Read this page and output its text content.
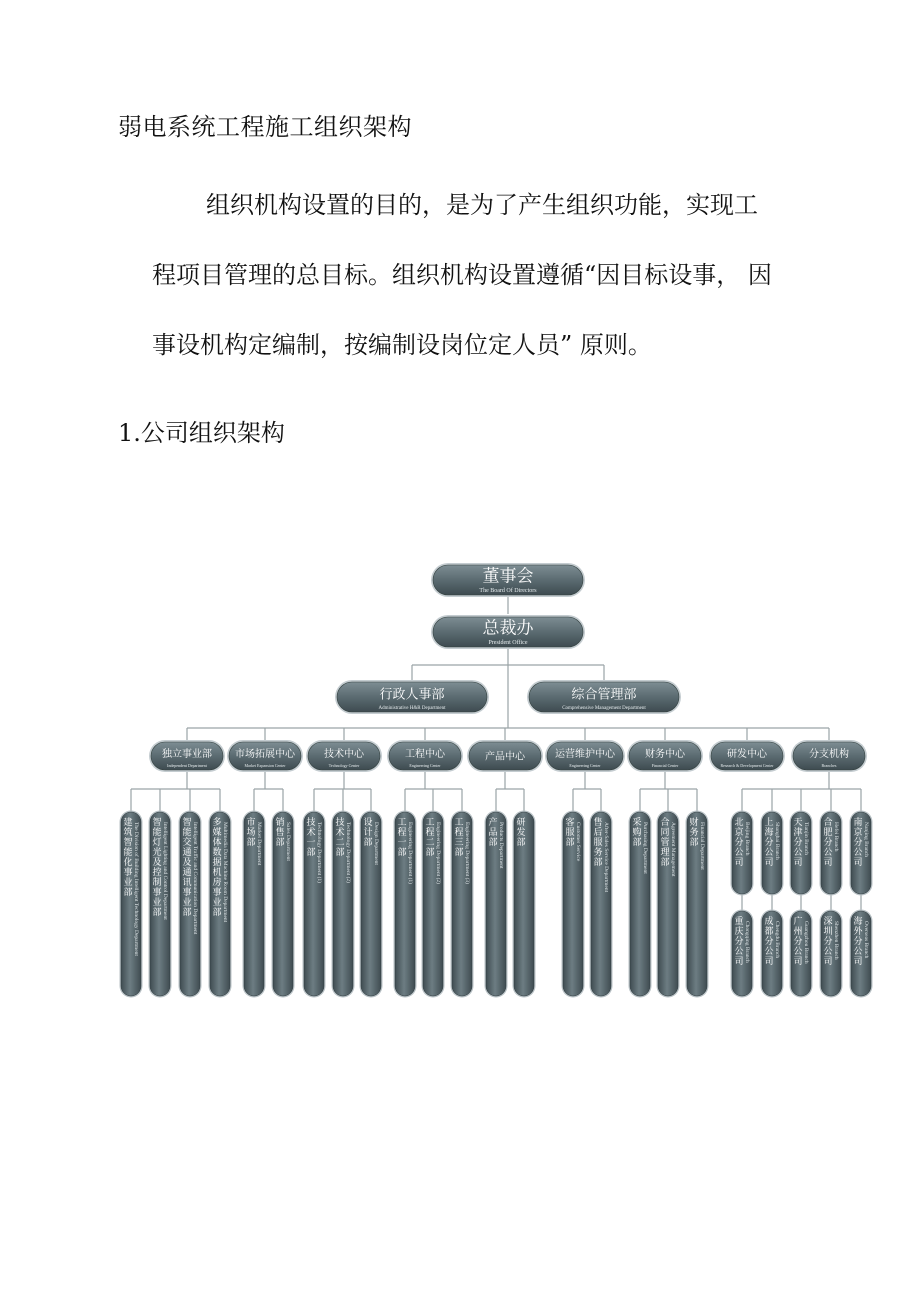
弱电系统工程施工组织架构

组织机构设置的目的，是为了产生组织功能，实现工

程项目管理的总目标。组织机构设置遵循“因目标设事， 因

事设机构定编制，按编制设岗位定人员” 原则。

1.公司组织架构
董事会
The Board Of Directors
总裁办
President Office
行政人事部
Administrative H&R Department
综合管理部
Comprehensive Management Department
独立事业部
Independent Department
市场拓展中心
Market Expansion Center
技术中心
Technology Center
工程中心
Engineering Center
产品中心	运营维护中心
Engineering Center
财务中心
Financial Center
研发中心
Research & Development Center
分支机构
Branches
建
筑
智
能
化
事
业
部 The Division of Building Intelligent Technology Department 智
能
灯
光
及
控
制
事
业
部 Intelligent Lighting and Control Department 智
能
交
通
及
通
讯
事
业
部 Intelligent Traffic and Communication Department 多
媒
体
数
据
机
房
事
业
部 Multimedia Data Machine Room Department 市
场
部 Market Department 销
售
部 Sales Department 技
术
一
部 Technology Department (1) 技
术
二
部 Technology Department (2) 设
计
部 Design Department 工
程
一
部 Engineering Department (1) 工
程
二
部 Engineering Department (2) 工
程
三
部 Engineering Department (3) 产
品
部 Products Department 研
发
部
客
服
部 Customer Service 售
后
服
务
部 After-Sales Service Department	采
购
部 Purchasing Department 合
同
管
理
部 Agreement Management 财
务
部 Financial Department	北
京
分
公
司
Beijing Branch 上
海
分
公
司
Shanghai Branch 天
津
分
公
司
Tianjin Branch 合
肥
分
公
司
Hefei Branch 南
京
分
公
司
Nanjing Branch
重
庆
分
公
司 Chongqing Branch 成
都
分
公
司
Chengdu Branch 广
州
分
公
司 Guangzhou Branch 深
圳
分
公
司
Shenzhen Branch 海
外
分
公
司
Overseas Branch
